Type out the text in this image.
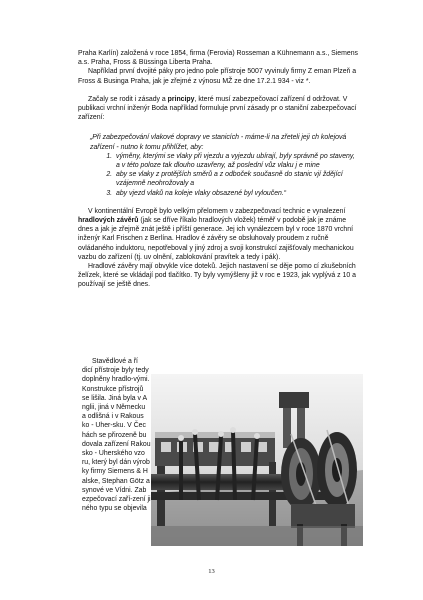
Praha Karlín) založená v roce 1854, firma (Ferovia) Rosseman a Kühnemann a.s., Siemens a.s. Praha, Fross & Büssinga Liberta Praha.

Například první dvojité páky pro jedno pole přístroje 5007 vyvinuly firmy Z eman Plzeň a Fross & Businga Praha, jak je zřejmé z výnosu MŽ ze dne 17.2.1 934 - viz *.

Začaly se rodit i zásady a principy, které musí zabezpečovací zařízení d održovat. V publikaci vrchní inženýr Boda například formuluje první zásady pr o staniční zabezpečovací zařízení:

„Při zabezpečování vlakové dopravy ve stanicích - máme-li na zřeteli jeji ch kolejová zařízení - nutno k tomu přihlížet, aby:

1. výměny, kterými se vlaky při vjezdu a vyjezdu ubírají, byly správně po staveny, a v této poloze tak dlouho uzavřeny, až poslední vůz vlaku j e mine
2. aby se vlaky z protějších směrů a z odboček současně do stanic vjí ždějící vzájemně neohrožovaly a
3. aby vjezd vlaků na koleje vlaky obsazené byl vyloučen.“

V kontinentální Evropě bylo velkým přelomem v zabezpečovací technic e vynalezení hradlových závěrů (jak se dříve říkalo hradlových vložek) téměř v podobě jak je známe dnes a jak je zřejmě znát ještě i příští generace. Jej ich vynálezcem byl v roce 1870 vrchní inženýr Karl Frischen z Berlína. Hradlov é závěry se obsluhovaly proudem z ručně ovládaného induktoru, nepotřeboval y jiný zdroj a svoji konstrukcí zajišťovaly mechanickou vazbu do zařízení (tj. uv olnění, zablokování pravítek a tedy i pák).

Hradlové závěry mají obvykle více doteků. Jejich nastavení se děje pomo cí zkušebních želízek, které se vkládají pod tlačítko. Ty byly vymýšleny již v roc e 1923, jak vyplývá z 10 a používají se ještě dnes.

Stavědlové a ří
dicí přístroje byly tedy
doplněny hradlo-vými.
Konstrukce přístrojů
se lišila. Jiná byla v A
nglii, jiná v Německu
a odlišná i v Rakous
ko - Uher-sku. V Čec
hách se přirozeně bu
dovala zařízení Rakou
sko - Uherského vzo
ru, který byl dán výrob
ky firmy Siemens & H
alske, Stephan Götz a
synové ve Vídni. Zab
ezpečovací zaří-zení ji
ného typu se objevila
13
